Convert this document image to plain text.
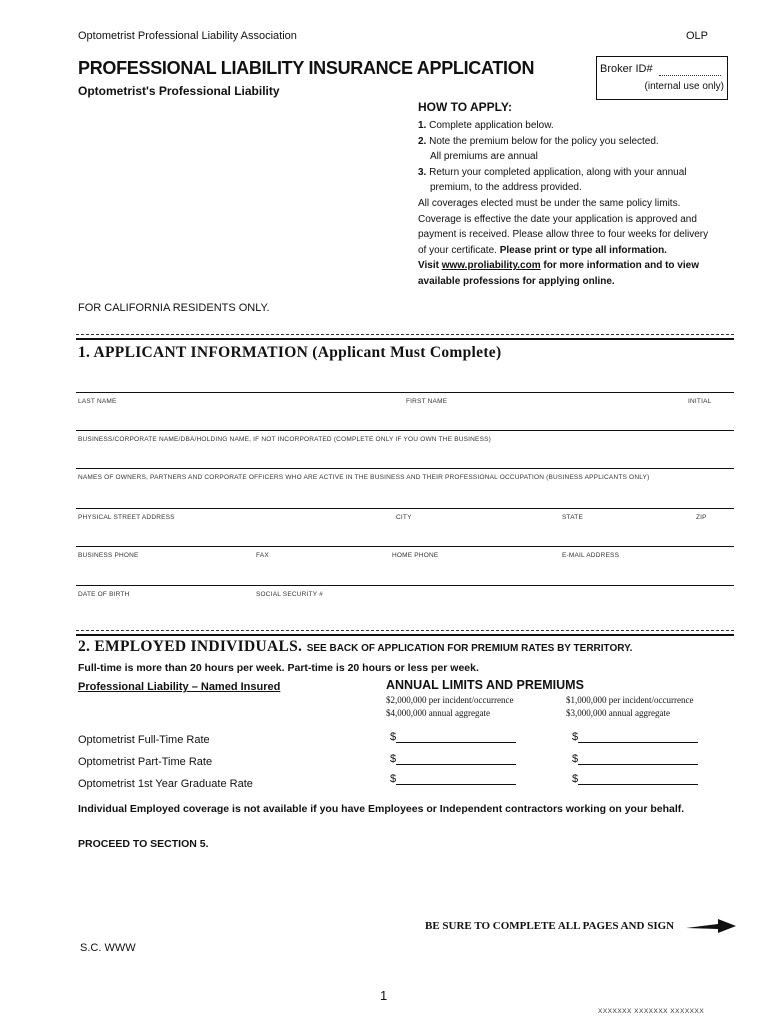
Optometrist Professional Liability Association	OLP
PROFESSIONAL LIABILITY INSURANCE APPLICATION
Optometrist's Professional Liability
Broker ID#
(internal use only)
HOW TO APPLY:
1. Complete application below.
2. Note the premium below for the policy you selected.
All premiums are annual
3. Return your completed application, along with your annual
premium, to the address provided.
All coverages elected must be under the same policy limits.
Coverage is effective the date your application is approved and
payment is received. Please allow three to four weeks for delivery
of your certificate. Please print or type all information.
Visit www.proliability.com for more information and to view
available professions for applying online.
FOR CALIFORNIA RESIDENTS ONLY.
1. APPLICANT INFORMATION (Applicant Must Complete)
LAST NAME	FIRST NAME	INITIAL
BUSINESS/CORPORATE NAME/DBA/HOLDING NAME, IF NOT INCORPORATED (COMPLETE ONLY IF YOU OWN THE BUSINESS)
NAMES OF OWNERS, PARTNERS AND CORPORATE OFFICERS WHO ARE ACTIVE IN THE BUSINESS AND THEIR PROFESSIONAL OCCUPATION (BUSINESS APPLICANTS ONLY)
PHYSICAL STREET ADDRESS	CITY	STATE	ZIP
BUSINESS PHONE	FAX	HOME PHONE	E-MAIL ADDRESS
DATE OF BIRTH	SOCIAL SECURITY #
2. EMPLOYED INDIVIDUALS. SEE BACK OF APPLICATION FOR PREMIUM RATES BY TERRITORY.
Full-time is more than 20 hours per week. Part-time is 20 hours or less per week.
Professional Liability – Named Insured	ANNUAL LIMITS AND PREMIUMS
$2,000,000 per incident/occurrence
$4,000,000 annual aggregate
$1,000,000 per incident/occurrence
$3,000,000 annual aggregate
Optometrist Full-Time Rate	$	$
Optometrist Part-Time Rate	$	$
Optometrist 1st Year Graduate Rate	$	$
Individual Employed coverage is not available if you have Employees or Independent contractors working on your behalf.
PROCEED TO SECTION 5.
BE SURE TO COMPLETE ALL PAGES AND SIGN
S.C. WWW
1
XXXXXXX XXXXXXX XXXXXXX
